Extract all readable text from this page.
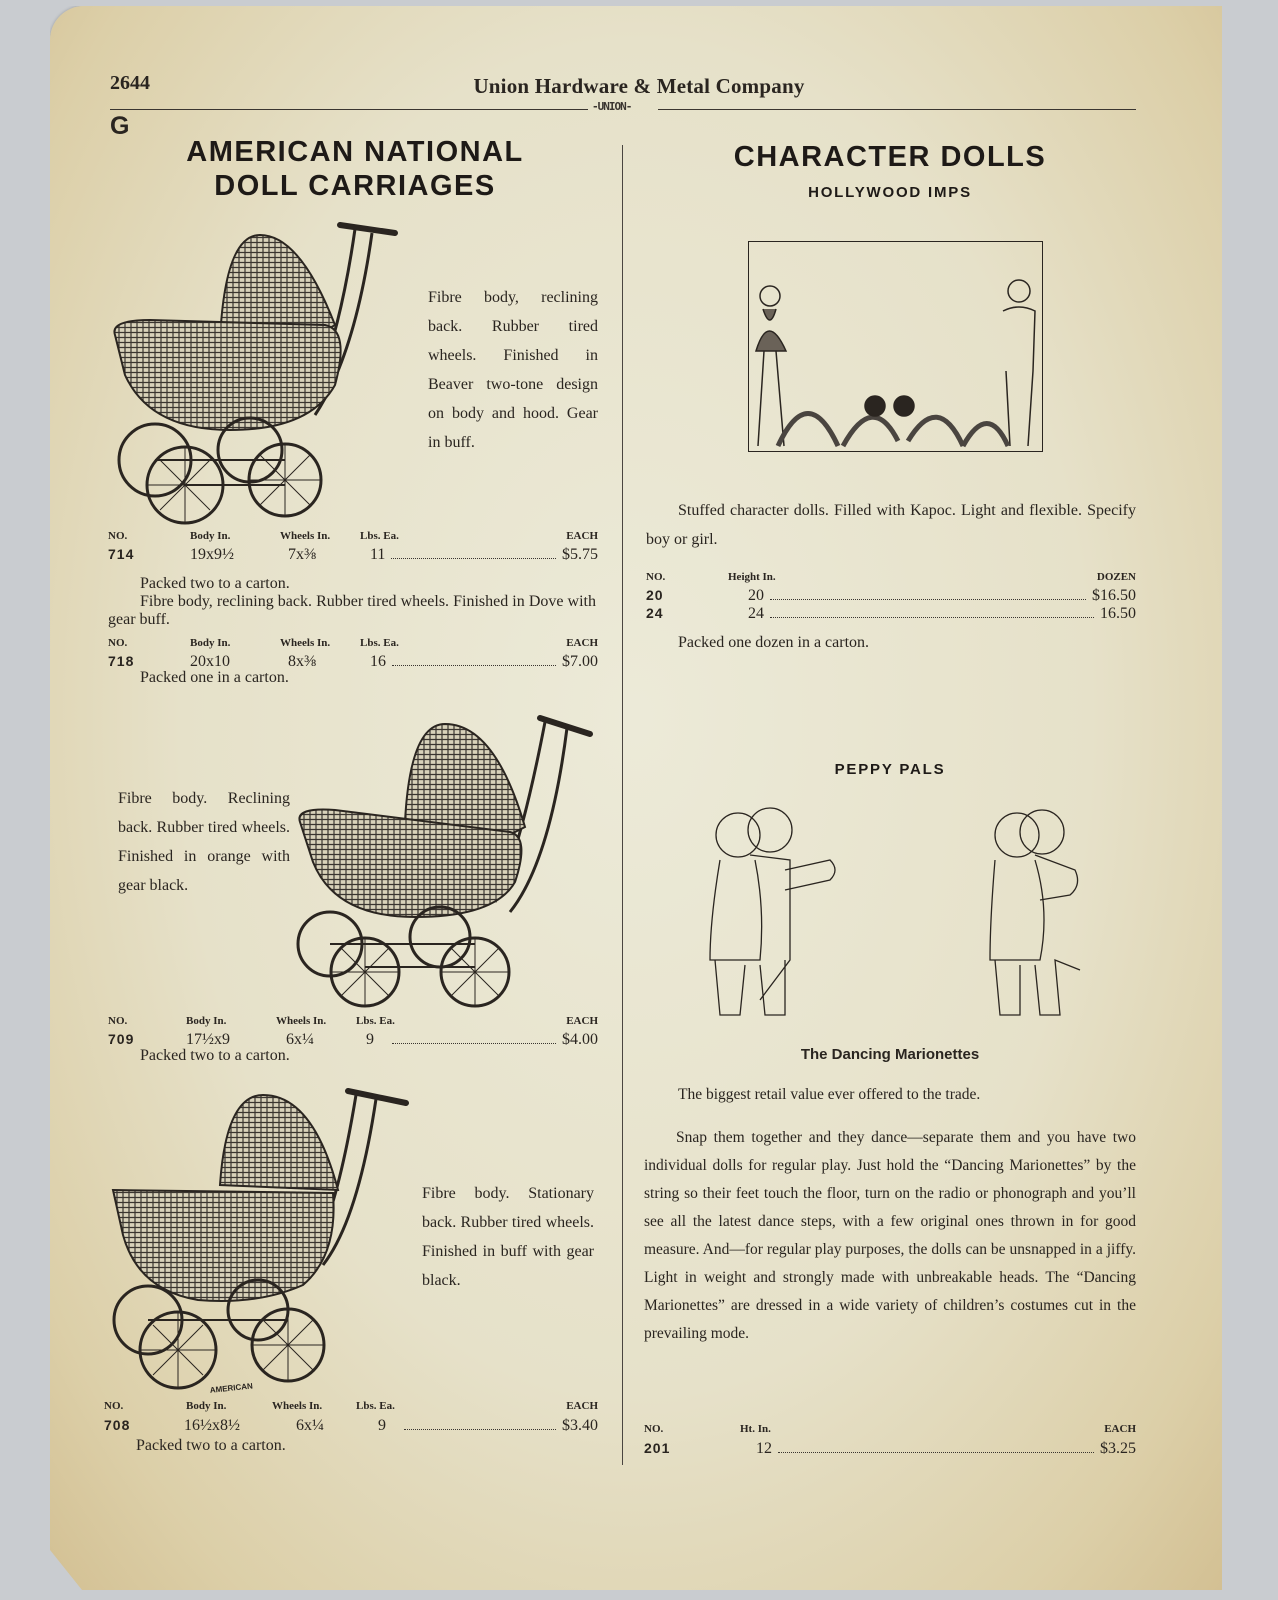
2644	Union Hardware & Metal Company
-UNION-
G
AMERICAN NATIONAL
DOLL CARRIAGES
Fibre body, reclining back. Rubber tired wheels. Finished in Beaver two-tone design on body and hood. Gear in buff.
NO.	Body In.	Wheels In.	Lbs. Ea.	EACH
714	19x9½	7x⅜	11	$5.75
Packed two to a carton.
Fibre body, reclining back. Rubber tired wheels. Finished in Dove with gear buff.
NO.	Body In.	Wheels In.	Lbs. Ea.	EACH
718	20x10	8x⅜	16	$7.00
Packed one in a carton.
Fibre body. Reclining back. Rubber tired wheels. Finished in orange with gear black.
NO.	Body In.	Wheels In.	Lbs. Ea.	EACH
709	17½x9	6x¼	9	$4.00
Packed two to a carton.
AMERICAN
Fibre body. Stationary back. Rubber tired wheels. Finished in buff with gear black.
NO.	Body In.	Wheels In.	Lbs. Ea.	EACH
708	16½x8½	6x¼	9	$3.40
Packed two to a carton.
CHARACTER DOLLS
HOLLYWOOD IMPS
Stuffed character dolls. Filled with Kapoc. Light and flexible. Specify boy or girl.
NO.	Height In.	DOZEN
20	20	$16.50
24	24	16.50
Packed one dozen in a carton.
PEPPY PALS
The Dancing Marionettes
The biggest retail value ever offered to the trade.
Snap them together and they dance—separate them and you have two individual dolls for regular play. Just hold the “Dancing Marionettes” by the string so their feet touch the floor, turn on the radio or phonograph and you’ll see all the latest dance steps, with a few original ones thrown in for good measure. And—for regular play purposes, the dolls can be unsnapped in a jiffy. Light in weight and strongly made with unbreakable heads. The “Dancing Marionettes” are dressed in a wide variety of children’s costumes cut in the prevailing mode.
NO.	Ht. In.	EACH
201	12	$3.25
